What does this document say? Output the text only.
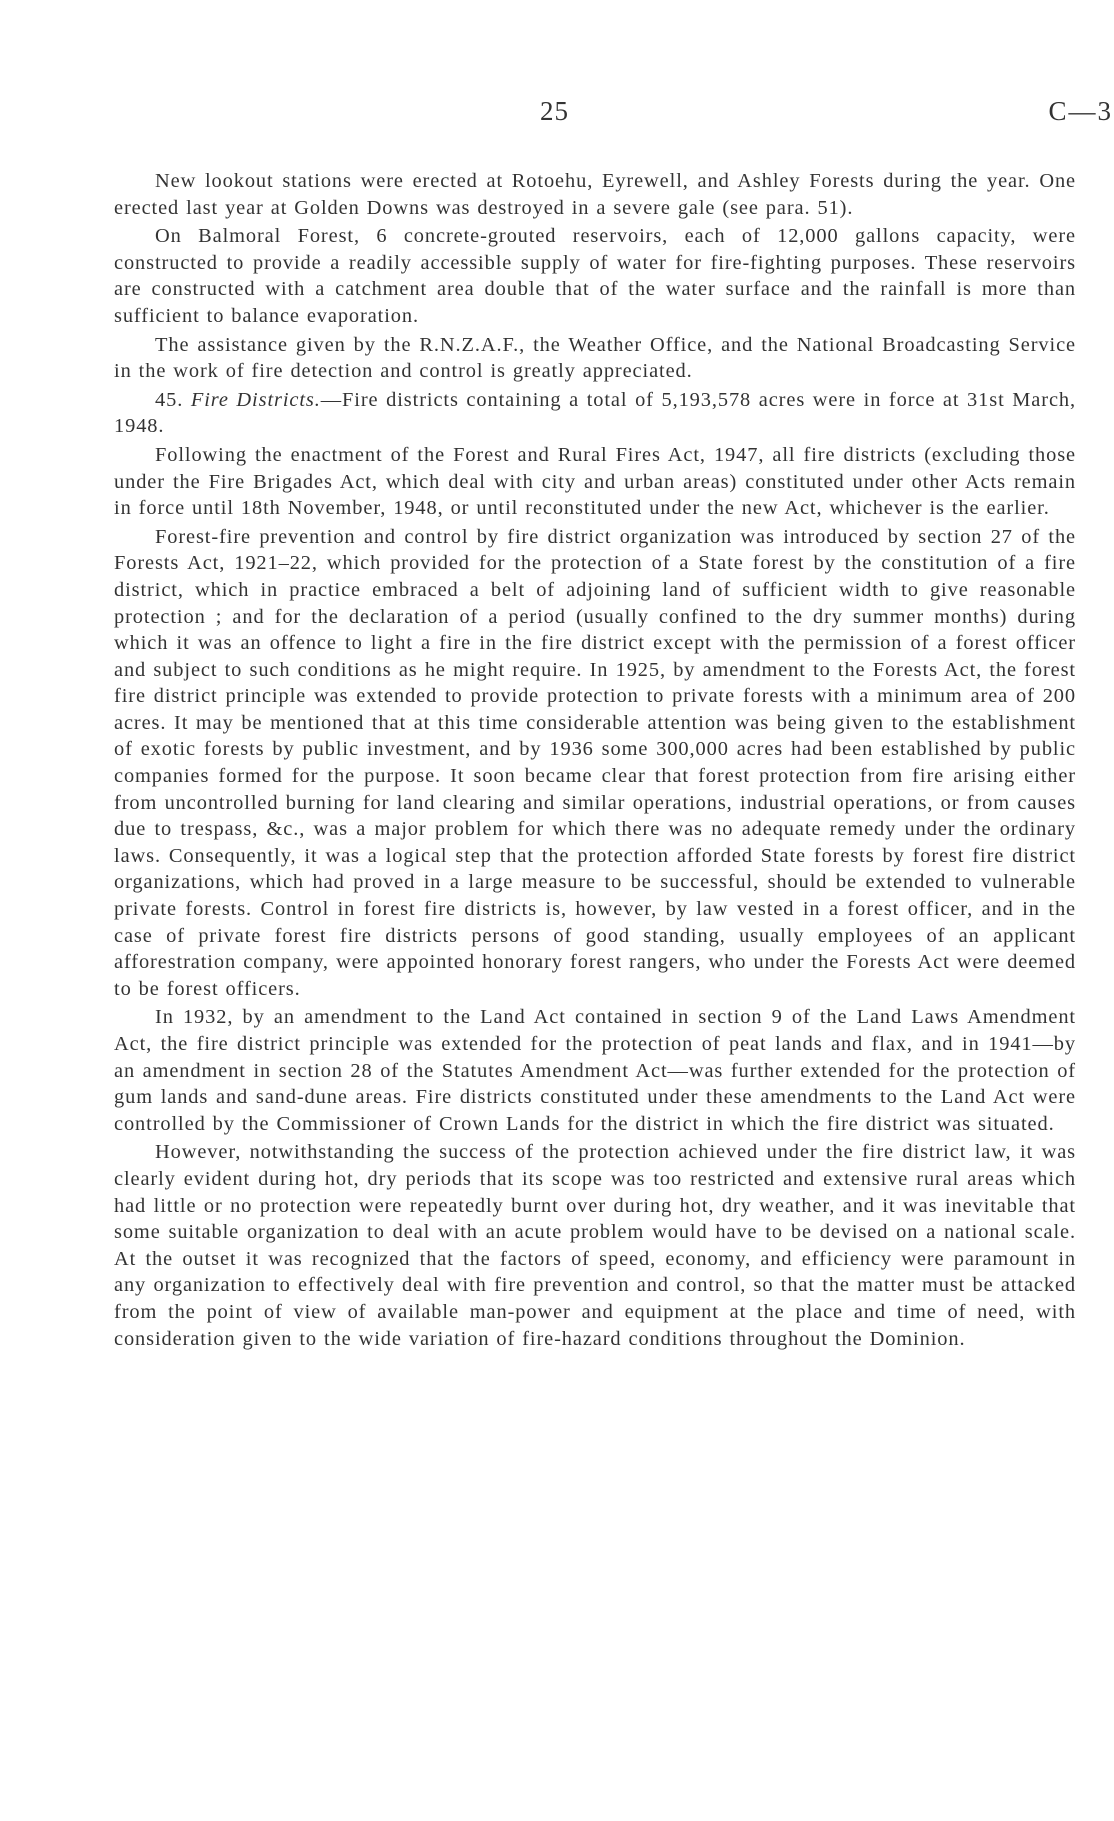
25	C—3

New lookout stations were erected at Rotoehu, Eyrewell, and Ashley Forests during the year. One erected last year at Golden Downs was destroyed in a severe gale (see para. 51).

On Balmoral Forest, 6 concrete-grouted reservoirs, each of 12,000 gallons capacity, were constructed to provide a readily accessible supply of water for fire-fighting purposes. These reservoirs are constructed with a catchment area double that of the water surface and the rainfall is more than sufficient to balance evaporation.

The assistance given by the R.N.Z.A.F., the Weather Office, and the National Broadcasting Service in the work of fire detection and control is greatly appreciated.

45. Fire Districts.—Fire districts containing a total of 5,193,578 acres were in force at 31st March, 1948.

Following the enactment of the Forest and Rural Fires Act, 1947, all fire districts (excluding those under the Fire Brigades Act, which deal with city and urban areas) constituted under other Acts remain in force until 18th November, 1948, or until reconstituted under the new Act, whichever is the earlier.

Forest-fire prevention and control by fire district organization was introduced by section 27 of the Forests Act, 1921–22, which provided for the protection of a State forest by the constitution of a fire district, which in practice embraced a belt of adjoining land of sufficient width to give reasonable protection ; and for the declaration of a period (usually confined to the dry summer months) during which it was an offence to light a fire in the fire district except with the permission of a forest officer and subject to such conditions as he might require. In 1925, by amendment to the Forests Act, the forest fire district principle was extended to provide protection to private forests with a minimum area of 200 acres. It may be mentioned that at this time considerable attention was being given to the establishment of exotic forests by public investment, and by 1936 some 300,000 acres had been established by public companies formed for the purpose. It soon became clear that forest protection from fire arising either from uncontrolled burning for land clearing and similar operations, industrial operations, or from causes due to trespass, &c., was a major problem for which there was no adequate remedy under the ordinary laws. Consequently, it was a logical step that the protection afforded State forests by forest fire district organizations, which had proved in a large measure to be successful, should be extended to vulnerable private forests. Control in forest fire districts is, however, by law vested in a forest officer, and in the case of private forest fire districts persons of good standing, usually employees of an applicant afforestration company, were appointed honorary forest rangers, who under the Forests Act were deemed to be forest officers.

In 1932, by an amendment to the Land Act contained in section 9 of the Land Laws Amendment Act, the fire district principle was extended for the protection of peat lands and flax, and in 1941—by an amendment in section 28 of the Statutes Amendment Act—was further extended for the protection of gum lands and sand-dune areas. Fire districts constituted under these amendments to the Land Act were controlled by the Commissioner of Crown Lands for the district in which the fire district was situated.

However, notwithstanding the success of the protection achieved under the fire district law, it was clearly evident during hot, dry periods that its scope was too restricted and extensive rural areas which had little or no protection were repeatedly burnt over during hot, dry weather, and it was inevitable that some suitable organization to deal with an acute problem would have to be devised on a national scale. At the outset it was recognized that the factors of speed, economy, and efficiency were paramount in any organization to effectively deal with fire prevention and control, so that the matter must be attacked from the point of view of available man-power and equipment at the place and time of need, with consideration given to the wide variation of fire-hazard conditions throughout the Dominion.
